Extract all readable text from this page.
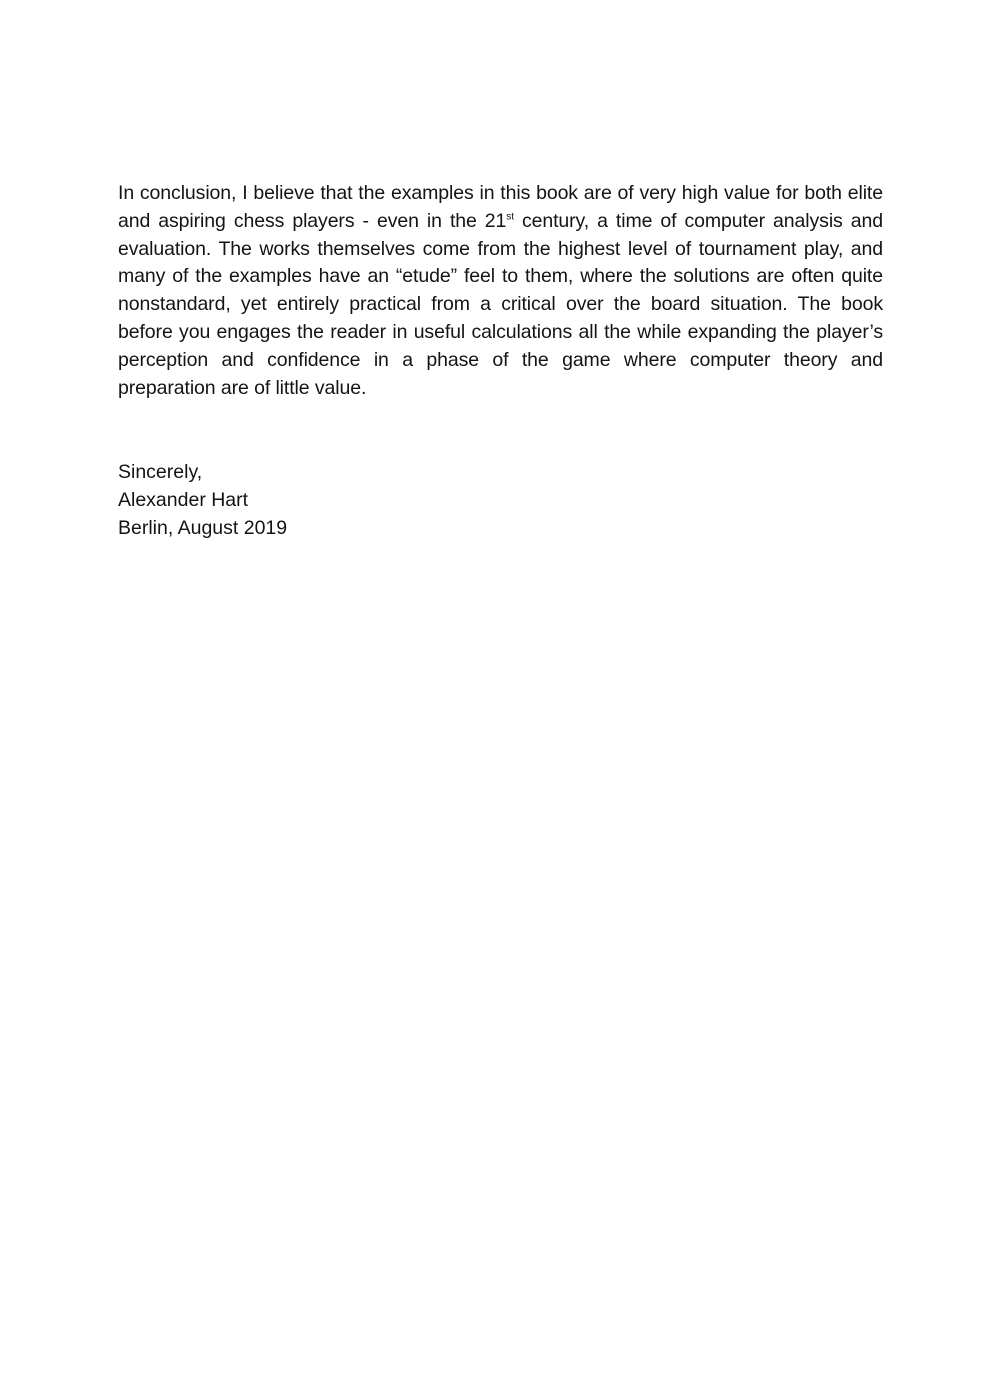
In conclusion, I believe that the examples in this book are of very high value for both elite and aspiring chess players - even in the 21st century, a time of computer analysis and evaluation. The works themselves come from the highest level of tournament play, and many of the examples have an “etude” feel to them, where the solutions are often quite nonstandard, yet entirely practical from a critical over the board situation. The book before you engages the reader in useful calculations all the while expanding the player’s perception and confidence in a phase of the game where computer theory and preparation are of little value.

Sincerely,
Alexander Hart
Berlin, August 2019
